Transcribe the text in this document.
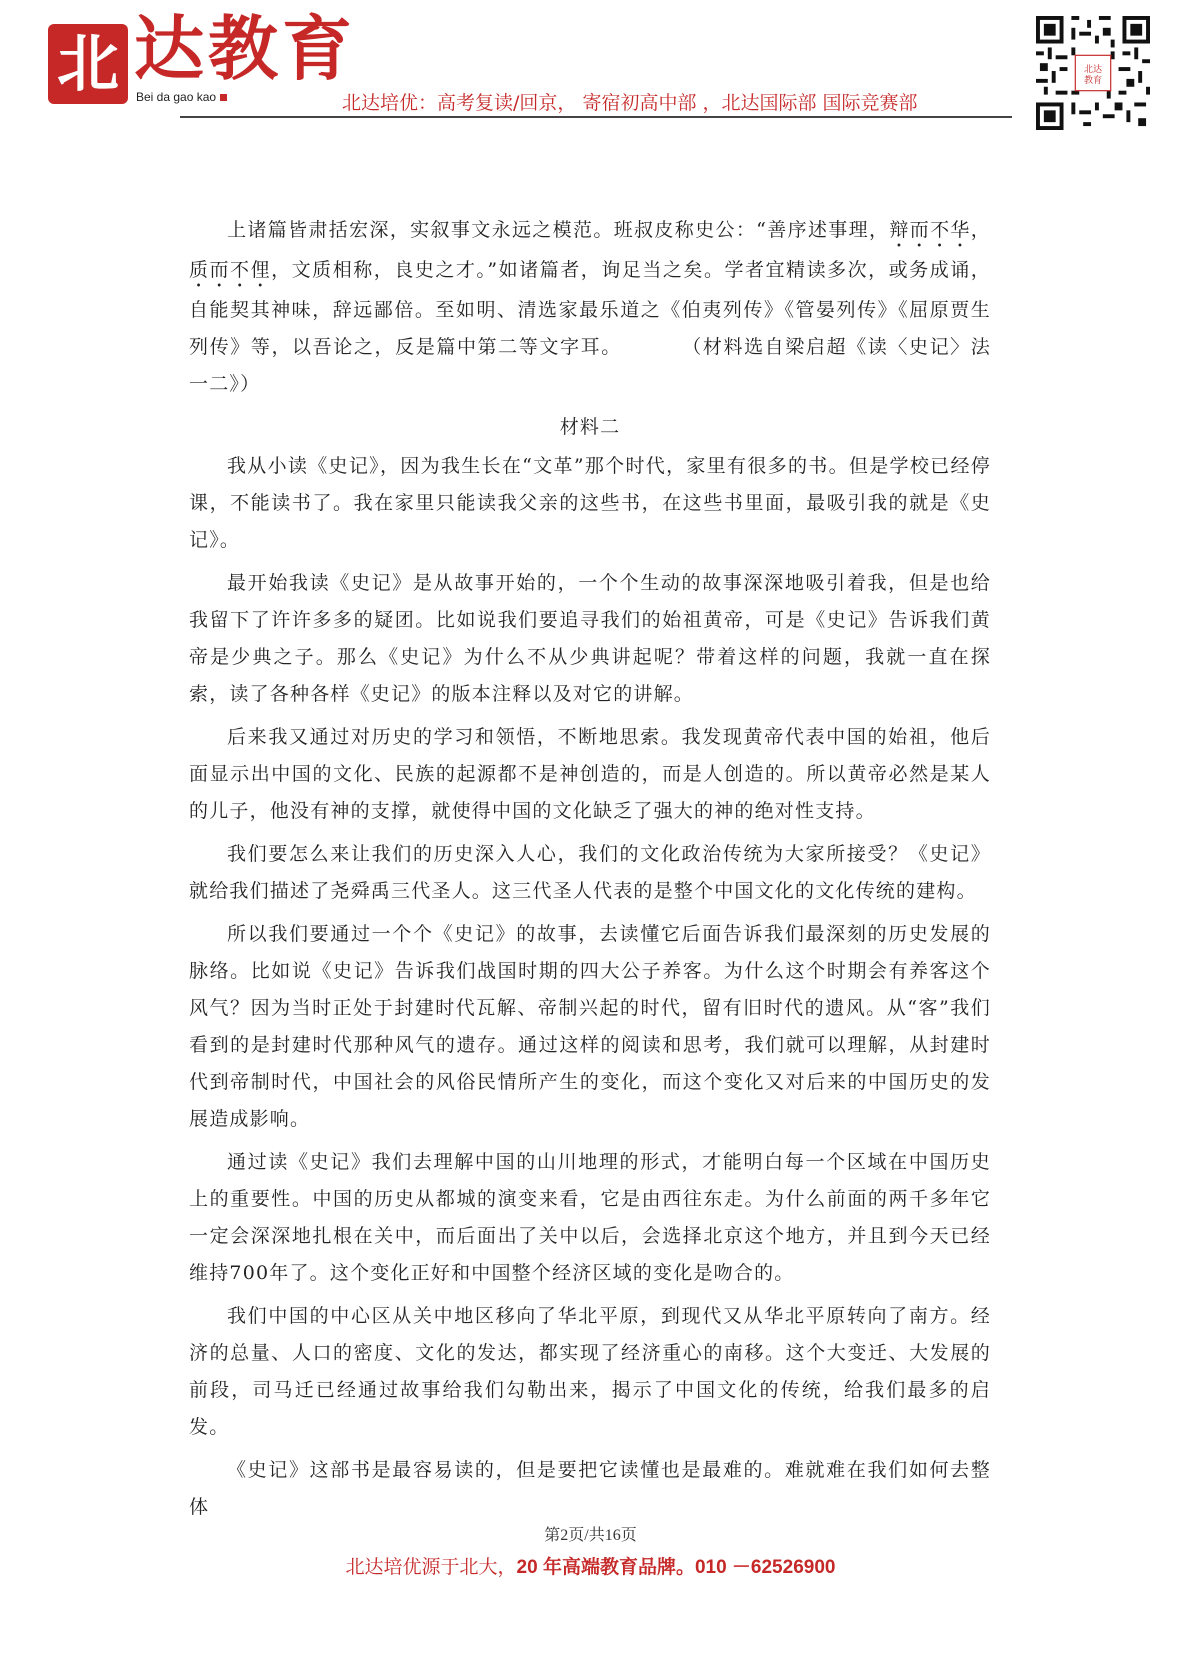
北 达教育
Bei da gao kao	北达培优：高考复读/回京， 寄宿初高中部 ，北达国际部 国际竞赛部
北达
教育

上诸篇皆肃括宏深，实叙事文永远之模范。班叔皮称史公：“善序述事理，辩而不华，质而不俚，文质相称，良史之才。”如诸篇者，询足当之矣。学者宜精读多次，或务成诵，自能契其神味，辞远鄙倍。至如明、清选家最乐道之《伯夷列传》《管晏列传》《屈原贾生列传》等，以吾论之，反是篇中第二等文字耳。	（材料选自梁启超《读〈史记〉法一二》）

材料二

我从小读《史记》，因为我生长在“文革”那个时代，家里有很多的书。但是学校已经停课，不能读书了。我在家里只能读我父亲的这些书，在这些书里面，最吸引我的就是《史记》。

最开始我读《史记》是从故事开始的，一个个生动的故事深深地吸引着我，但是也给我留下了许许多多的疑团。比如说我们要追寻我们的始祖黄帝，可是《史记》告诉我们黄帝是少典之子。那么《史记》为什么不从少典讲起呢？带着这样的问题，我就一直在探索，读了各种各样《史记》的版本注释以及对它的讲解。

后来我又通过对历史的学习和领悟，不断地思索。我发现黄帝代表中国的始祖，他后面显示出中国的文化、民族的起源都不是神创造的，而是人创造的。所以黄帝必然是某人的儿子，他没有神的支撑，就使得中国的文化缺乏了强大的神的绝对性支持。

我们要怎么来让我们的历史深入人心，我们的文化政治传统为大家所接受？《史记》就给我们描述了尧舜禹三代圣人。这三代圣人代表的是整个中国文化的文化传统的建构。

所以我们要通过一个个《史记》的故事，去读懂它后面告诉我们最深刻的历史发展的脉络。比如说《史记》告诉我们战国时期的四大公子养客。为什么这个时期会有养客这个风气？因为当时正处于封建时代瓦解、帝制兴起的时代，留有旧时代的遗风。从“客”我们看到的是封建时代那种风气的遗存。通过这样的阅读和思考，我们就可以理解，从封建时代到帝制时代，中国社会的风俗民情所产生的变化，而这个变化又对后来的中国历史的发展造成影响。

通过读《史记》我们去理解中国的山川地理的形式，才能明白每一个区域在中国历史上的重要性。中国的历史从都城的演变来看，它是由西往东走。为什么前面的两千多年它一定会深深地扎根在关中，而后面出了关中以后，会选择北京这个地方，并且到今天已经维持700年了。这个变化正好和中国整个经济区域的变化是吻合的。

我们中国的中心区从关中地区移向了华北平原，到现代又从华北平原转向了南方。经济的总量、人口的密度、文化的发达，都实现了经济重心的南移。这个大变迁、大发展的前段，司马迁已经通过故事给我们勾勒出来，揭示了中国文化的传统，给我们最多的启发。

《史记》这部书是最容易读的，但是要把它读懂也是最难的。难就难在我们如何去整体

第2页/共16页
北达培优源于北大，20 年高端教育品牌。010 －62526900
